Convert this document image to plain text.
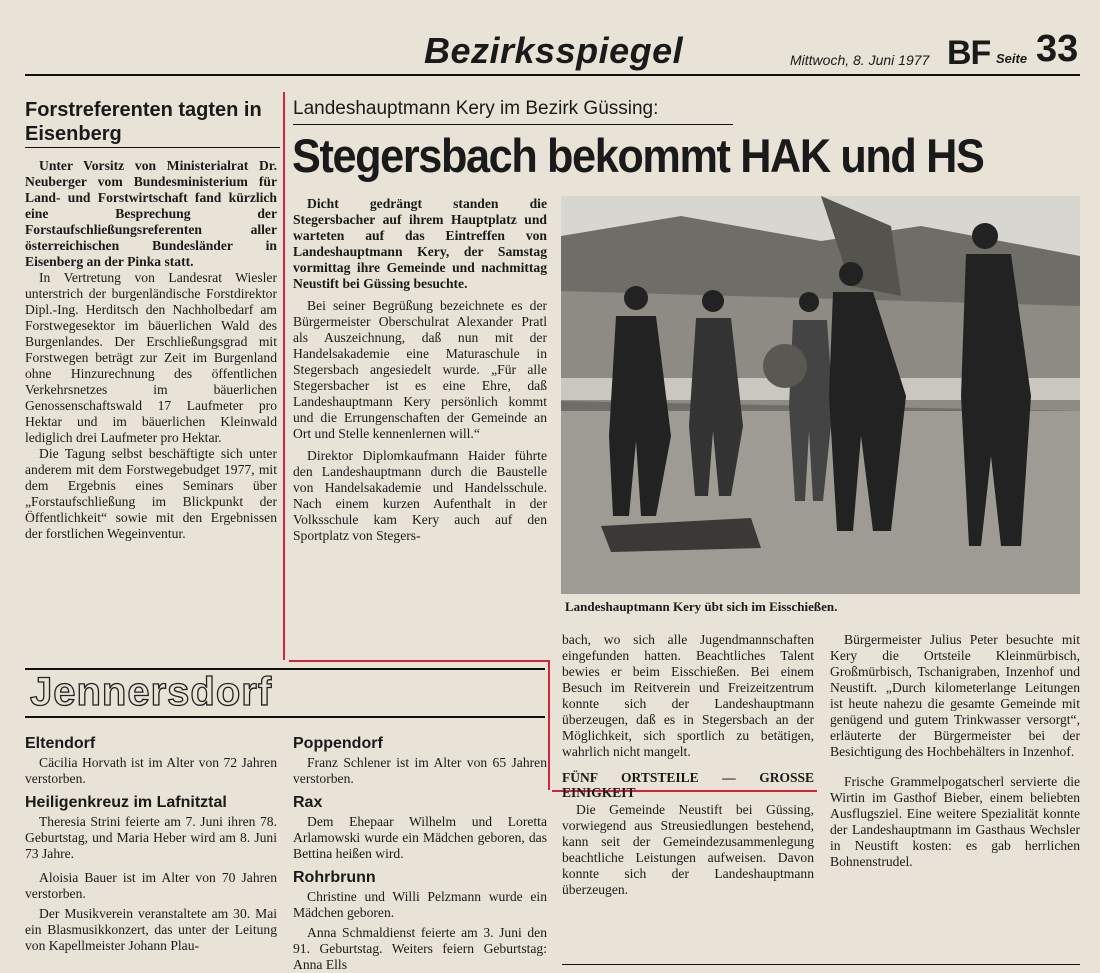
Bezirksspiegel	Mittwoch, 8. Juni 1977 BF Seite 33
Forstreferenten tagten in Eisenberg

Unter Vorsitz von Ministerialrat Dr. Neuberger vom Bundesministerium für Land- und Forstwirtschaft fand kürzlich eine Besprechung der Forstaufschließungsreferenten aller österreichischen Bundesländer in Eisenberg an der Pinka statt.

In Vertretung von Landesrat Wiesler unterstrich der burgenländische Forstdirektor Dipl.-Ing. Herditsch den Nachholbedarf am Forstwegesektor im bäuerlichen Wald des Burgenlandes. Der Erschließungsgrad mit Forstwegen beträgt zur Zeit im Burgenland ohne Hinzurechnung des öffentlichen Verkehrsnetzes im bäuerlichen Genossenschaftswald 17 Laufmeter pro Hektar und im bäuerlichen Kleinwald lediglich drei Laufmeter pro Hektar.

Die Tagung selbst beschäftigte sich unter anderem mit dem Forstwegebudget 1977, mit dem Ergebnis eines Seminars über „Forstaufschließung im Blickpunkt der Öffentlichkeit“ sowie mit den Ergebnissen der forstlichen Wegeinventur.

Landeshauptmann Kery im Bezirk Güssing:
Stegersbach bekommt HAK und HS

Dicht gedrängt standen die Stegersbacher auf ihrem Hauptplatz und warteten auf das Eintreffen von Landeshauptmann Kery, der Samstag vormittag ihre Gemeinde und nachmittag Neustift bei Güssing besuchte.

Bei seiner Begrüßung bezeichnete es der Bürgermeister Oberschulrat Alexander Pratl als Auszeichnung, daß nun mit der Handelsakademie eine Maturaschule in Stegersbach angesiedelt wurde. „Für alle Stegersbacher ist es eine Ehre, daß Landeshauptmann Kery persönlich kommt und die Errungenschaften der Gemeinde an Ort und Stelle kennenlernen will.“

Direktor Diplomkaufmann Haider führte den Landeshauptmann durch die Baustelle von Handelsakademie und Handelsschule. Nach einem kurzen Aufenthalt in der Volksschule kam Kery auch auf den Sportplatz von Stegers-

Landeshauptmann Kery übt sich im Eisschießen.

bach, wo sich alle Jugendmannschaften eingefunden hatten. Beachtliches Talent bewies er beim Eisschießen. Bei einem Besuch im Reitverein und Freizeitzentrum konnte sich der Landeshauptmann überzeugen, daß es in Stegersbach an der Möglichkeit, sich sportlich zu betätigen, wahrlich nicht mangelt.

FÜNF ORTSTEILE — GROSSE EINIGKEIT

Die Gemeinde Neustift bei Güssing, vorwiegend aus Streusiedlungen bestehend, kann seit der Gemeindezusammenlegung beachtliche Leistungen aufweisen. Davon konnte sich der Landeshauptmann überzeugen.

Bürgermeister Julius Peter besuchte mit Kery die Ortsteile Kleinmürbisch, Großmürbisch, Tschanigraben, Inzenhof und Neustift. „Durch kilometerlange Leitungen ist heute nahezu die gesamte Gemeinde mit genügend und gutem Trinkwasser versorgt“, erläuterte der Bürgermeister bei der Besichtigung des Hochbehälters in Inzenhof.

Frische Grammelpogatscherl servierte die Wirtin im Gasthof Bieber, einem beliebten Ausflugsziel. Eine weitere Spezialität konnte der Landeshauptmann im Gasthaus Wechsler in Neustift kosten: es gab herrlichen Bohnenstrudel.

Jennersdorf
Eltendorf

Cäcilia Horvath ist im Alter von 72 Jahren verstorben.

Heiligenkreuz im Lafnitztal

Theresia Strini feierte am 7. Juni ihren 78. Geburtstag, und Maria Heber wird am 8. Juni 73 Jahre.

Aloisia Bauer ist im Alter von 70 Jahren verstorben.

Der Musikverein veranstaltete am 30. Mai ein Blasmusikkonzert, das unter der Leitung von Kapellmeister Johann Plau-

Poppendorf

Franz Schlener ist im Alter von 65 Jahren verstorben.

Rax

Dem Ehepaar Wilhelm und Loretta Arlamowski wurde ein Mädchen geboren, das Bettina heißen wird.

Rohrbrunn

Christine und Willi Pelzmann wurde ein Mädchen geboren.

Anna Schmaldienst feierte am 3. Juni den 91. Geburtstag. Weiters feiern Geburtstag: Anna Ells
